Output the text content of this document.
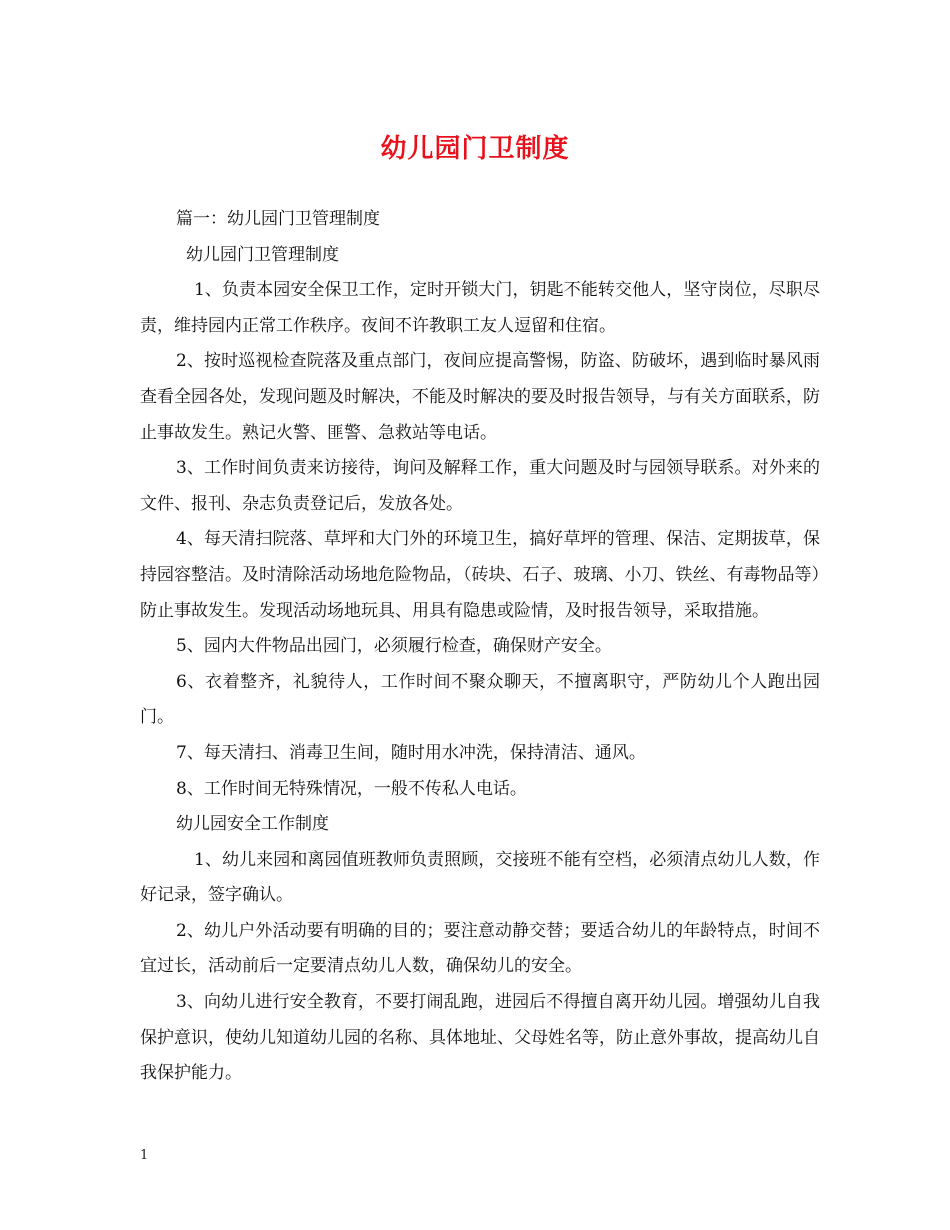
幼儿园门卫制度

篇一：幼儿园门卫管理制度

幼儿园门卫管理制度

1、负责本园安全保卫工作，定时开锁大门，钥匙不能转交他人，坚守岗位，尽职尽责，维持园内正常工作秩序。夜间不许教职工友人逗留和住宿。

2、按时巡视检查院落及重点部门，夜间应提高警惕，防盗、防破坏，遇到临时暴风雨查看全园各处，发现问题及时解决，不能及时解决的要及时报告领导，与有关方面联系，防止事故发生。熟记火警、匪警、急救站等电话。

3、工作时间负责来访接待，询问及解释工作，重大问题及时与园领导联系。对外来的文件、报刊、杂志负责登记后，发放各处。

4、每天清扫院落、草坪和大门外的环境卫生，搞好草坪的管理、保洁、定期拔草，保持园容整洁。及时清除活动场地危险物品，（砖块、石子、玻璃、小刀、铁丝、有毒物品等）防止事故发生。发现活动场地玩具、用具有隐患或险情，及时报告领导，采取措施。

5、园内大件物品出园门，必须履行检查，确保财产安全。

6、衣着整齐，礼貌待人，工作时间不聚众聊天，不擅离职守，严防幼儿个人跑出园门。

7、每天清扫、消毒卫生间，随时用水冲洗，保持清洁、通风。

8、工作时间无特殊情况，一般不传私人电话。

幼儿园安全工作制度

1、幼儿来园和离园值班教师负责照顾，交接班不能有空档，必须清点幼儿人数，作好记录，签字确认。

2、幼儿户外活动要有明确的目的；要注意动静交替；要适合幼儿的年龄特点，时间不宜过长，活动前后一定要清点幼儿人数，确保幼儿的安全。

3、向幼儿进行安全教育，不要打闹乱跑，进园后不得擅自离开幼儿园。增强幼儿自我保护意识，使幼儿知道幼儿园的名称、具体地址、父母姓名等，防止意外事故，提高幼儿自我保护能力。

1
